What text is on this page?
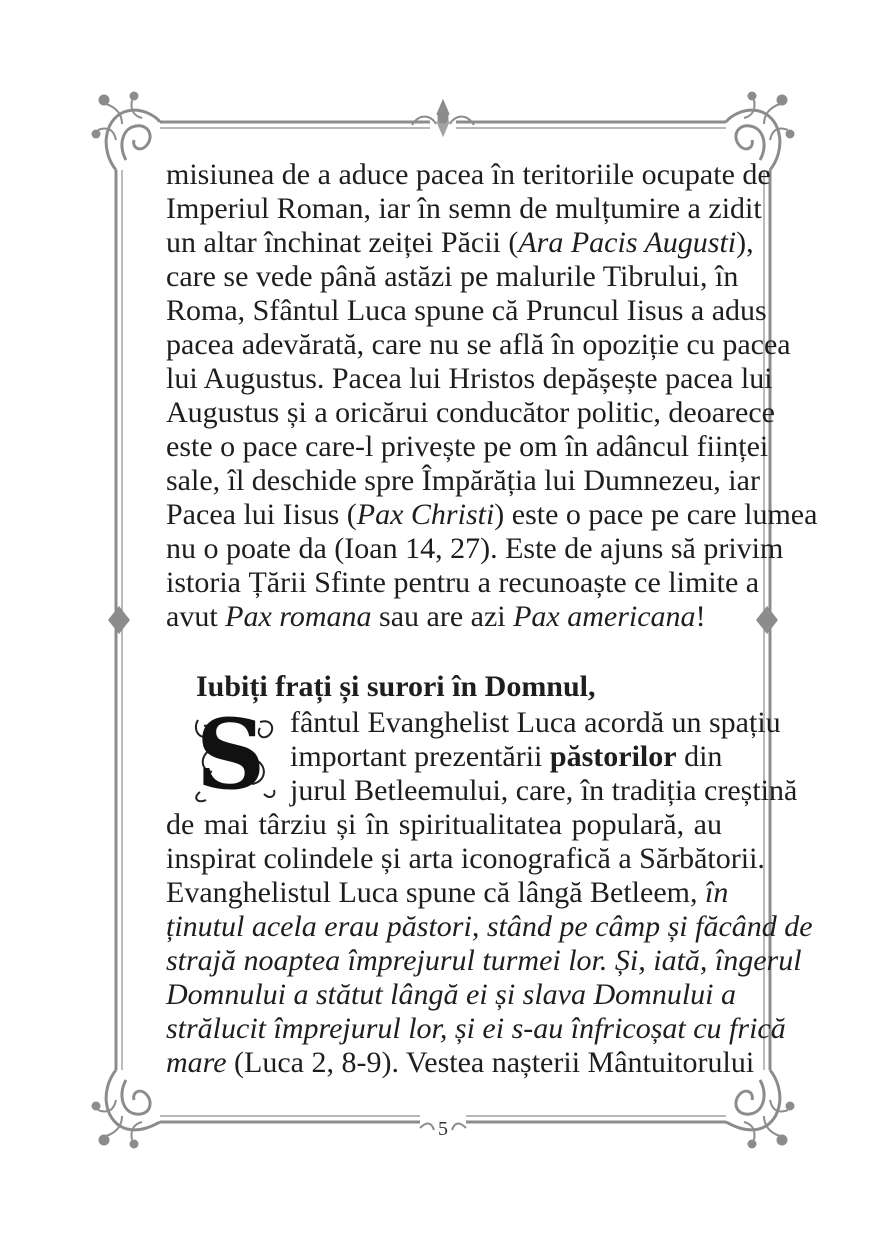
misiunea de a aduce pacea în teritoriile ocupate de
Imperiul Roman, iar în semn de mulțumire a zidit
un altar închinat zeiței Păcii (Ara Pacis Augusti),
care se vede până astăzi pe malurile Tibrului, în
Roma, Sfântul Luca spune că Pruncul Iisus a adus
pacea adevărată, care nu se află în opoziție cu pacea
lui Augustus. Pacea lui Hristos depășește pacea lui
Augustus și a oricărui conducător politic, deoarece
este o pace care-l privește pe om în adâncul ființei
sale, îl deschide spre Împărăția lui Dumnezeu, iar
Pacea lui Iisus (Pax Christi) este o pace pe care lumea
nu o poate da (Ioan 14, 27). Este de ajuns să privim
istoria Țării Sfinte pentru a recunoaște ce limite a
avut Pax romana sau are azi Pax americana!
Iubiți frați și surori în Domnul,
S fântul Evanghelist Luca acordă un spațiu
important prezentării păstorilor din
jurul Betleemului, care, în tradiția creștină
de mai târziu și în spiritualitatea populară, au
inspirat colindele și arta iconografică a Sărbătorii.
Evanghelistul Luca spune că lângă Betleem, în
ținutul acela erau păstori, stând pe câmp și făcând de
strajă noaptea împrejurul turmei lor. Și, iată, îngerul
Domnului a stătut lângă ei și slava Domnului a
strălucit împrejurul lor, și ei s-au înfricoșat cu frică
mare (Luca 2, 8-9). Vestea nașterii Mântuitorului
5
